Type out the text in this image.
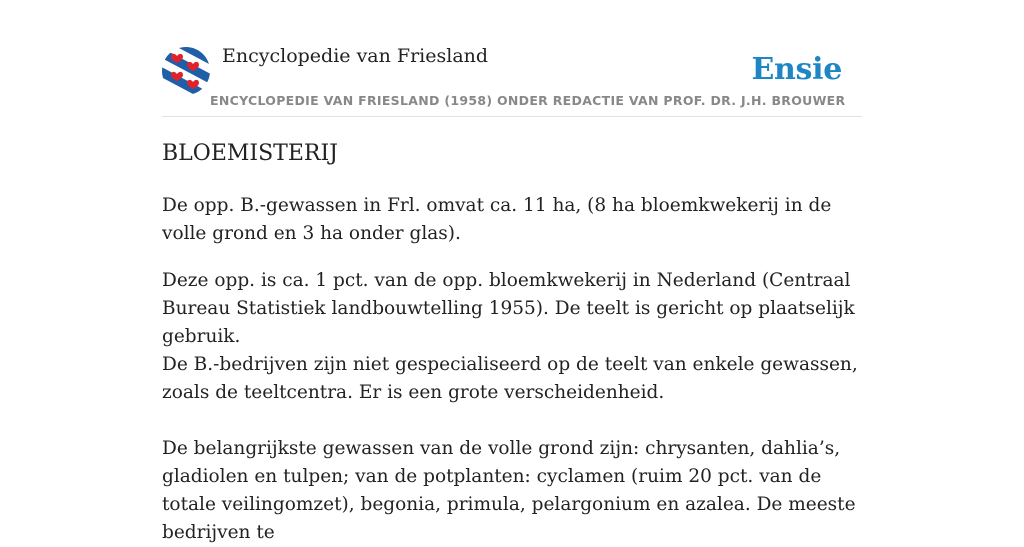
Encyclopedie van Friesland
ENCYCLOPEDIE VAN FRIESLAND (1958) ONDER REDACTIE VAN PROF. DR. J.H. BROUWER
Ensie
BLOEMISTERIJ

De opp. B.-gewassen in Frl. omvat ca. 11 ha, (8 ha bloemkwekerij in de volle grond en 3 ha onder glas).

Deze opp. is ca. 1 pct. van de opp. bloemkwekerij in Nederland (Centraal Bureau Statistiek landbouwtelling 1955). De teelt is gericht op plaatselijk gebruik.

De B.-bedrijven zijn niet gespecialiseerd op de teelt van enkele gewassen, zoals de teeltcentra. Er is een grote verscheidenheid.

De belangrijkste gewassen van de volle grond zijn: chrysanten, dahlia’s, gladiolen en tulpen; van de potplanten: cyclamen (ruim 20 pct. van de totale veilingomzet), begonia, primula, pelargonium en azalea. De meeste bedrijven te
